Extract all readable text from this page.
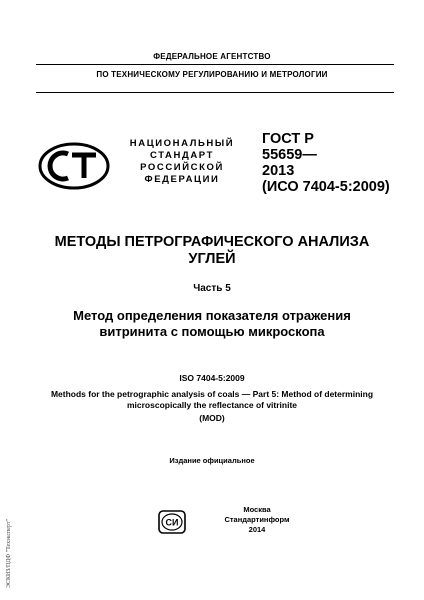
ФЕДЕРАЛЬНОЕ АГЕНТСТВО
ПО ТЕХНИЧЕСКОМУ РЕГУЛИРОВАНИЮ И МЕТРОЛОГИИ
НАЦИОНАЛЬНЫЙ
СТАНДАРТ
РОССИЙСКОЙ
ФЕДЕРАЦИИ
ГОСТ Р
55659—
2013
(ИСО 7404-5:2009)
МЕТОДЫ ПЕТРОГРАФИЧЕСКОГО АНАЛИЗА
УГЛЕЙ
Часть 5
Метод определения показателя отражения
витринита с помощью микроскопа
ISO 7404-5:2009
Methods for the petrographic analysis of coals — Part 5: Method of determining
microscopically the reflectance of vitrinite
(MOD)
Издание официальное
СИ
Москва
Стандартинформ
2014
ЭСКИЗ/ПДФ "Техэксперт"
